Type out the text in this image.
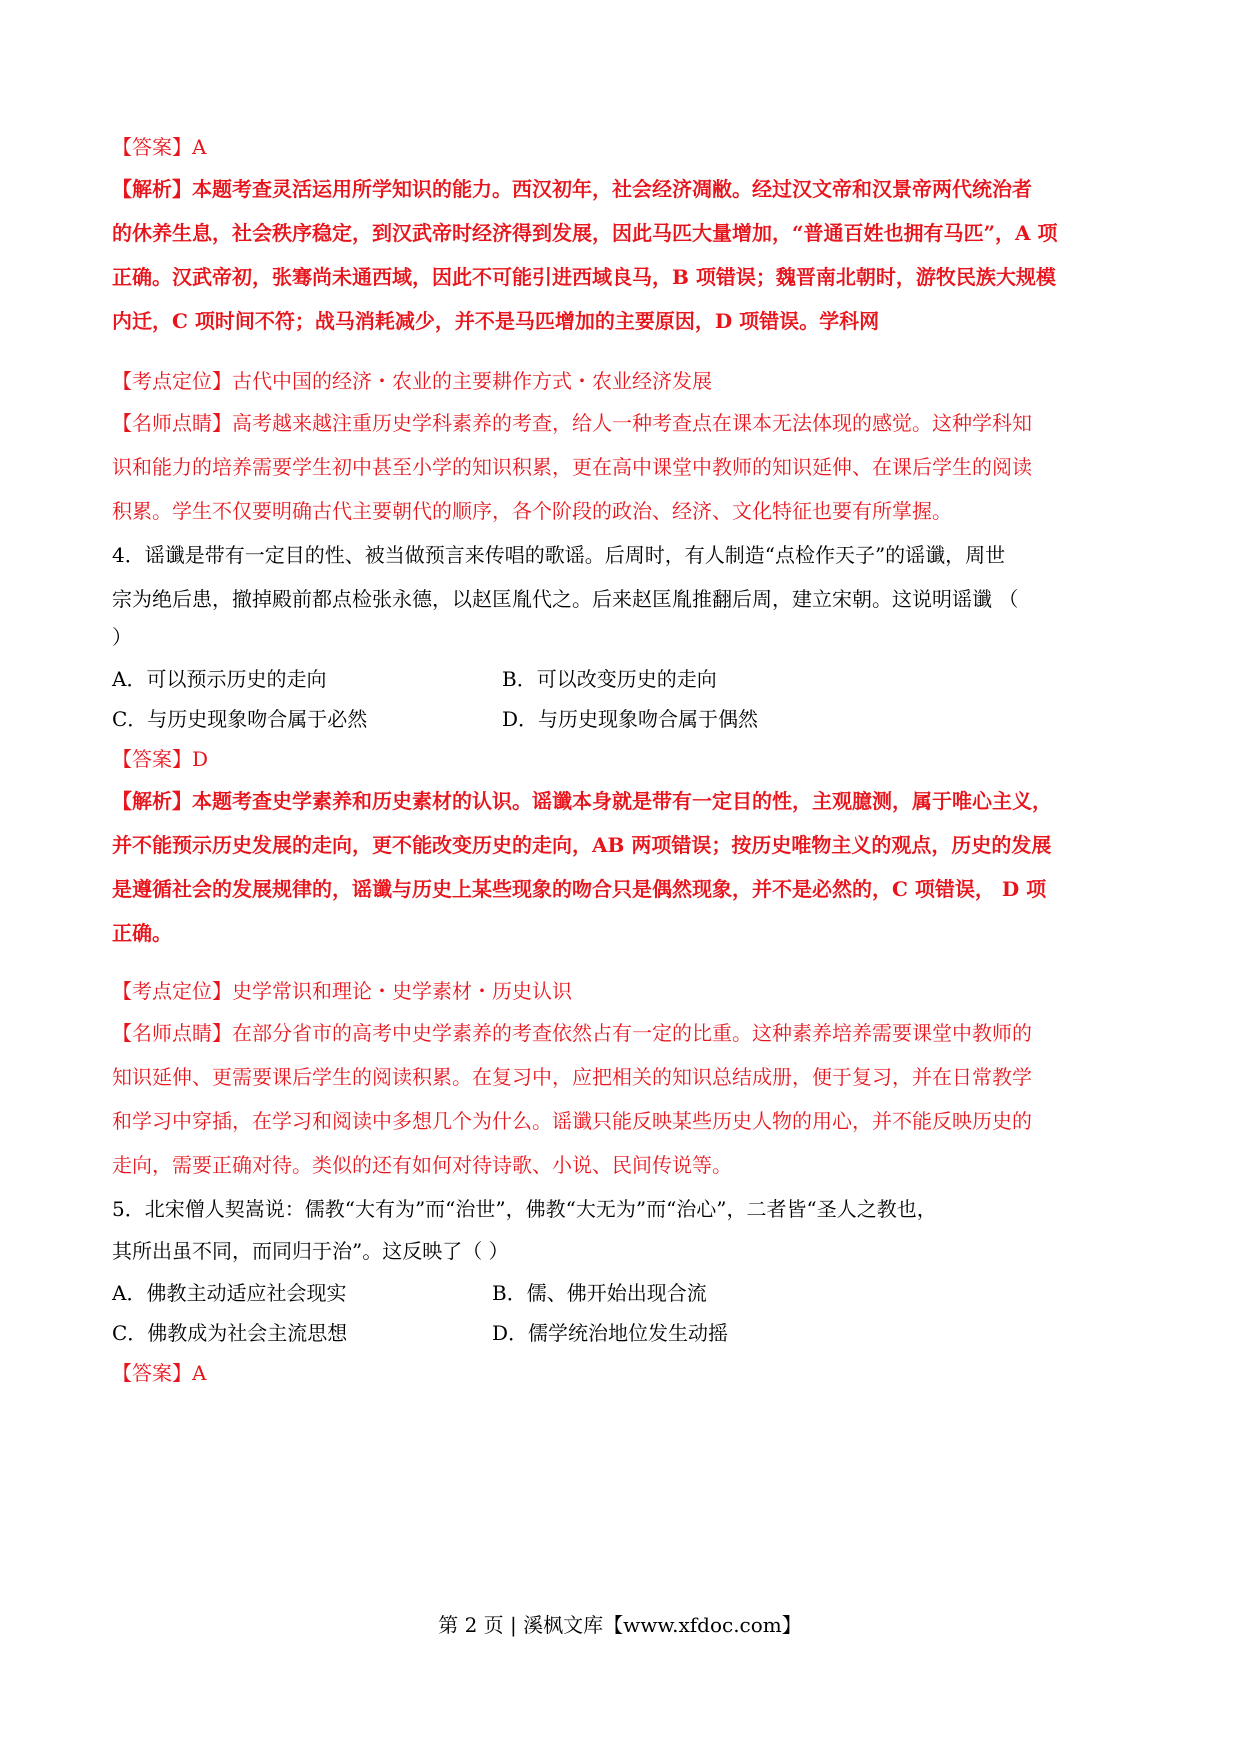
【答案】A
【解析】本题考查灵活运用所学知识的能力。西汉初年，社会经济凋敝。经过汉文帝和汉景帝两代统治者
的休养生息，社会秩序稳定，到汉武帝时经济得到发展，因此马匹大量增加，“普通百姓也拥有马匹”，A 项
正确。汉武帝初，张骞尚未通西域，因此不可能引进西域良马，B 项错误；魏晋南北朝时，游牧民族大规模
内迁，C 项时间不符；战马消耗减少，并不是马匹增加的主要原因，D 项错误。学科网
【考点定位】古代中国的经济・农业的主要耕作方式・农业经济发展
【名师点睛】高考越来越注重历史学科素养的考查，给人一种考查点在课本无法体现的感觉。这种学科知
识和能力的培养需要学生初中甚至小学的知识积累，更在高中课堂中教师的知识延伸、在课后学生的阅读
积累。学生不仅要明确古代主要朝代的顺序，各个阶段的政治、经济、文化特征也要有所掌握。
4．谣谶是带有一定目的性、被当做预言来传唱的歌谣。后周时，有人制造“点检作天子”的谣谶，周世
宗为绝后患，撤掉殿前都点检张永德，以赵匡胤代之。后来赵匡胤推翻后周，建立宋朝。这说明谣谶 （
）
A．可以预示历史的走向	B．可以改变历史的走向
C．与历史现象吻合属于必然	D．与历史现象吻合属于偶然
【答案】D
【解析】本题考查史学素养和历史素材的认识。谣谶本身就是带有一定目的性，主观臆测，属于唯心主义，
并不能预示历史发展的走向，更不能改变历史的走向，AB 两项错误；按历史唯物主义的观点，历史的发展
是遵循社会的发展规律的，谣谶与历史上某些现象的吻合只是偶然现象，并不是必然的，C 项错误， D 项
正确。
【考点定位】史学常识和理论・史学素材・历史认识
【名师点睛】在部分省市的高考中史学素养的考查依然占有一定的比重。这种素养培养需要课堂中教师的
知识延伸、更需要课后学生的阅读积累。在复习中，应把相关的知识总结成册，便于复习，并在日常教学
和学习中穿插，在学习和阅读中多想几个为什么。谣谶只能反映某些历史人物的用心，并不能反映历史的
走向，需要正确对待。类似的还有如何对待诗歌、小说、民间传说等。
5．北宋僧人契嵩说：儒教“大有为”而“治世”，佛教“大无为”而“治心”，二者皆“圣人之教也，
其所出虽不同，而同归于治”。这反映了（ ）
A．佛教主动适应社会现实	B．儒、佛开始出现合流
C．佛教成为社会主流思想	D．儒学统治地位发生动摇
【答案】A
第 2 页 | 溪枫文库【www.xfdoc.com】
